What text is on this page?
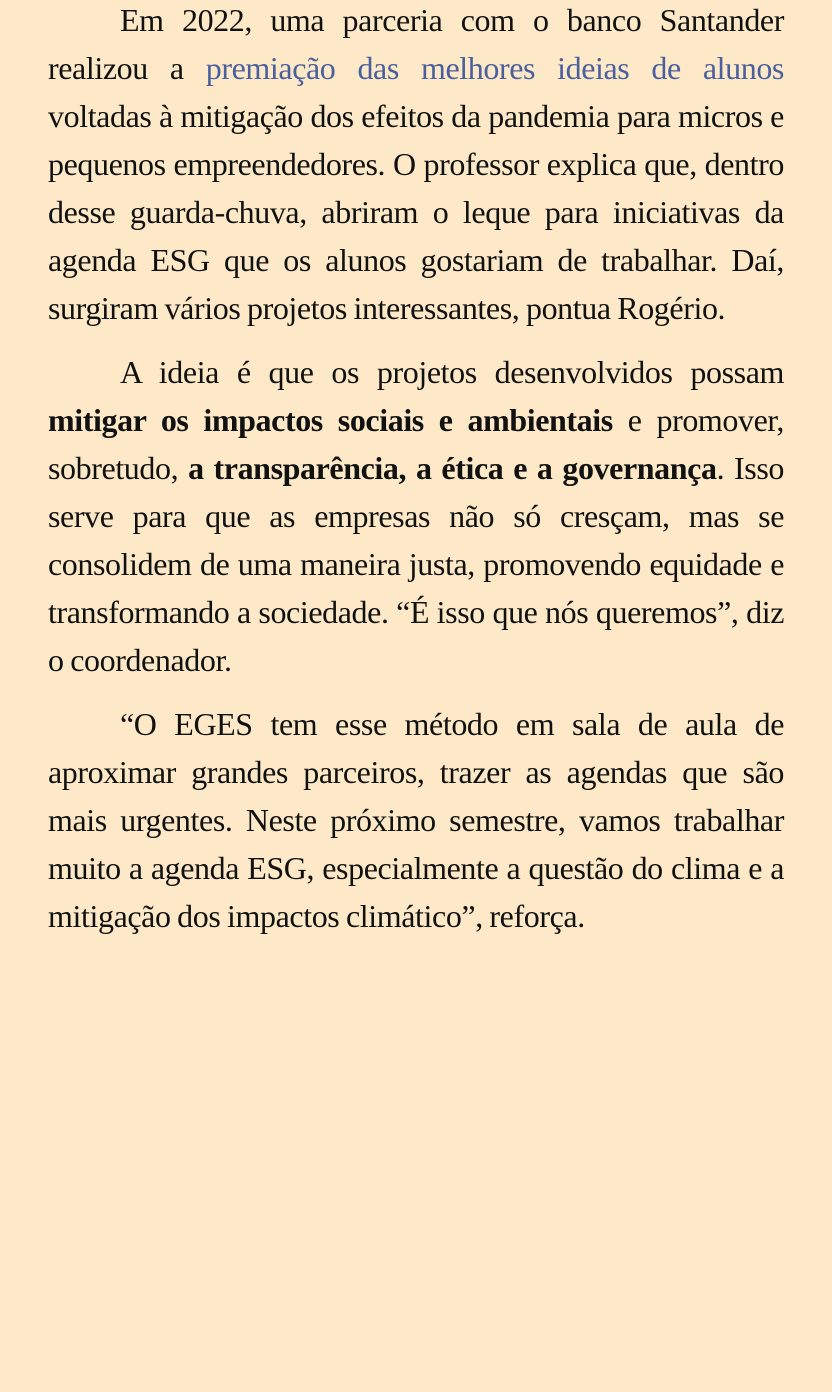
Em 2022, uma parceria com o banco Santander realizou a premiação das melhores ideias de alunos voltadas à mitigação dos efeitos da pandemia para micros e pequenos empreendedores. O professor explica que, dentro desse guarda-chuva, abriram o leque para iniciativas da agenda ESG que os alunos gostariam de trabalhar. Daí, surgiram vários projetos interessantes, pontua Rogério.

A ideia é que os projetos desenvolvidos possam mitigar os impactos sociais e ambientais e promover, sobretudo, a transparência, a ética e a governança. Isso serve para que as empresas não só cresçam, mas se consolidem de uma maneira justa, promovendo equidade e transformando a sociedade. “É isso que nós queremos”, diz o coordenador.

“O EGES tem esse método em sala de aula de aproximar grandes parceiros, trazer as agendas que são mais urgentes. Neste próximo semestre, vamos trabalhar muito a agenda ESG, especialmente a questão do clima e a mitigação dos impactos climático”, reforça.
